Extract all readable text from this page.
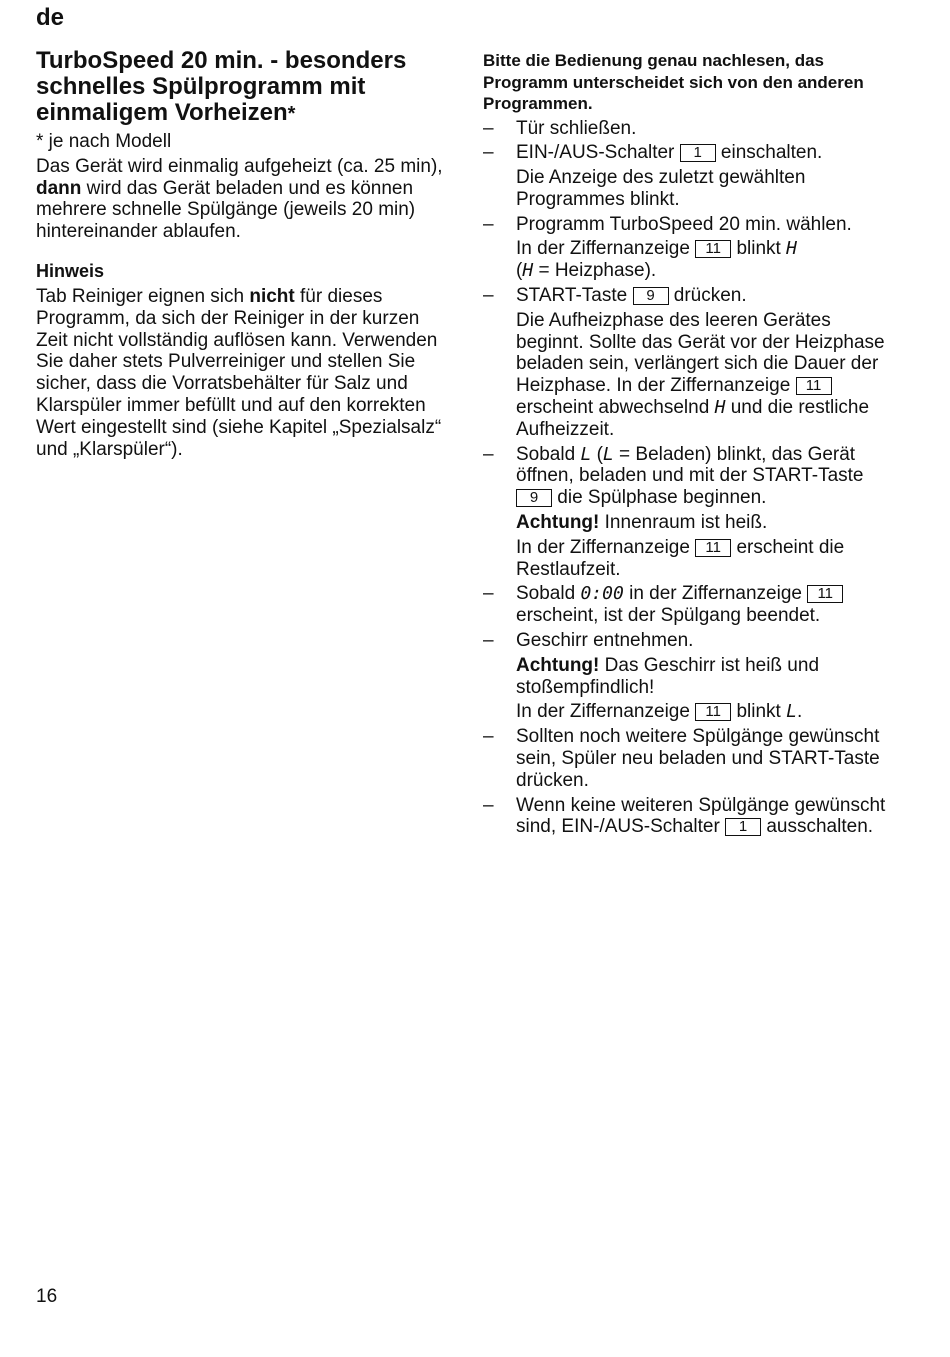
de
TurboSpeed 20 min. - besonders schnelles Spülprogramm mit einmaligem Vorheizen*

* je nach Modell

Das Gerät wird einmalig aufgeheizt (ca. 25 min), dann wird das Gerät beladen und es können mehrere schnelle Spülgänge (jeweils 20 min) hintereinander ablaufen.

Hinweis

Tab Reiniger eignen sich nicht für dieses Programm, da sich der Reiniger in der kurzen Zeit nicht vollständig auflösen kann. Verwenden Sie daher stets Pulverreiniger und stellen Sie sicher, dass die Vorratsbehälter für Salz und Klarspüler immer befüllt und auf den korrekten Wert eingestellt sind (siehe Kapitel „Spezialsalz“ und „Klarspüler“).

Bitte die Bedienung genau nachlesen, das Programm unterscheidet sich von den anderen Programmen.

– Tür schließen.

– EIN-/AUS-Schalter 1 einschalten.

Die Anzeige des zuletzt gewählten Programmes blinkt.

– Programm TurboSpeed 20 min. wählen.

In der Ziffernanzeige 11 blinkt H
(H = Heizphase).

– START-Taste 9 drücken.

Die Aufheizphase des leeren Gerätes beginnt. Sollte das Gerät vor der Heizphase beladen sein, verlängert sich die Dauer der Heizphase. In der Ziffernanzeige 11 erscheint abwechselnd H und die restliche Aufheizzeit.

– Sobald L (L = Beladen) blinkt, das Gerät öffnen, beladen und mit der START-Taste 9 die Spülphase beginnen.

Achtung! Innenraum ist heiß.

In der Ziffernanzeige 11 erscheint die Restlaufzeit.

– Sobald 0:00 in der Ziffernanzeige 11 erscheint, ist der Spülgang beendet.

– Geschirr entnehmen.

Achtung! Das Geschirr ist heiß und stoßempfindlich!

In der Ziffernanzeige 11 blinkt L.

– Sollten noch weitere Spülgänge gewünscht sein, Spüler neu beladen und START-Taste drücken.

– Wenn keine weiteren Spülgänge gewünscht sind, EIN-/AUS-Schalter 1 ausschalten.

16
